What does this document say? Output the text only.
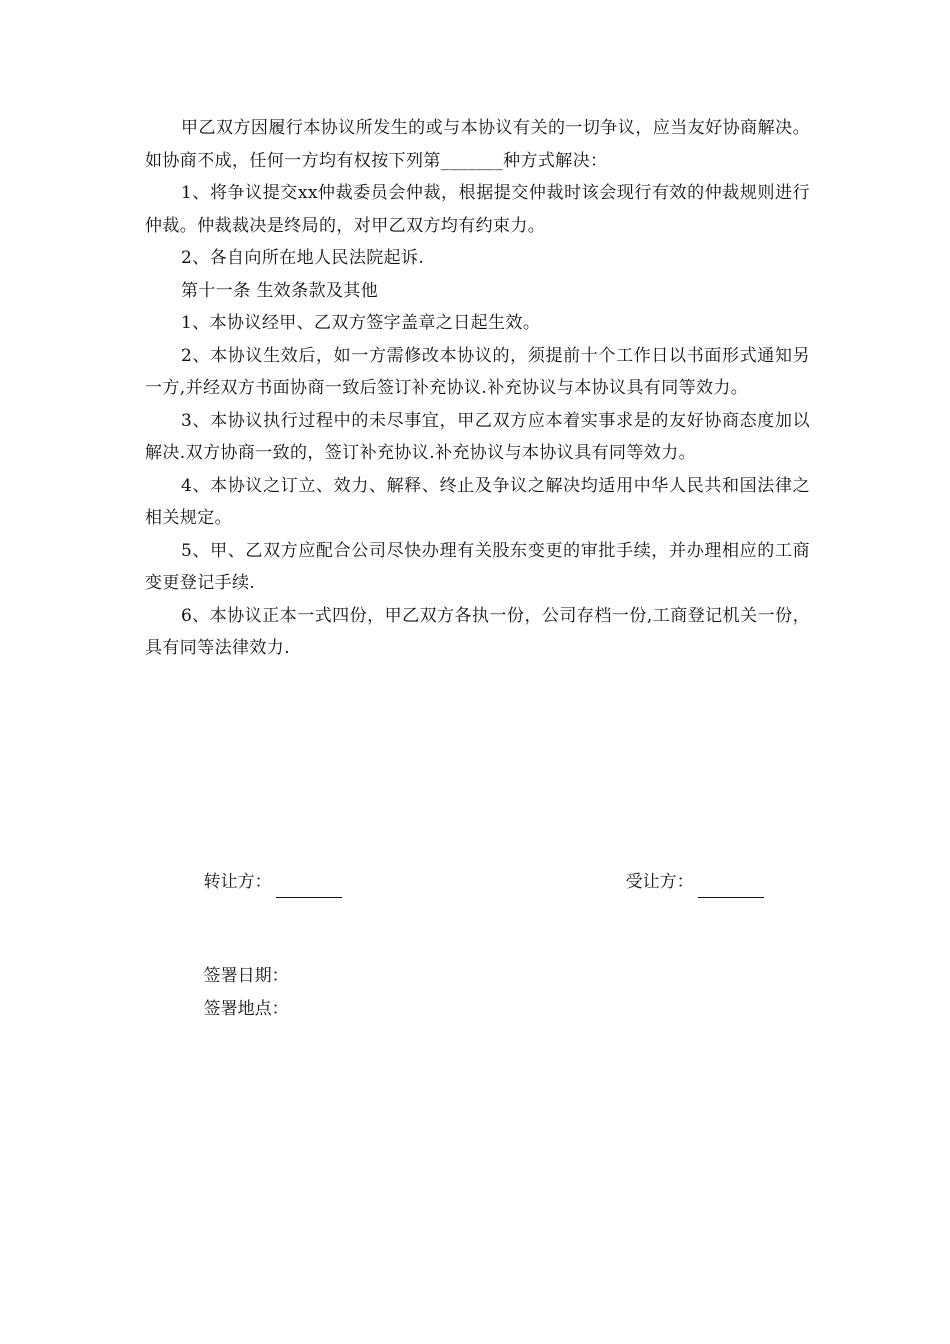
甲乙双方因履行本协议所发生的或与本协议有关的一切争议，应当友好协商解决。如协商不成，任何一方均有权按下列第_______种方式解决：

1、将争议提交xx仲裁委员会仲裁，根据提交仲裁时该会现行有效的仲裁规则进行仲裁。仲裁裁决是终局的，对甲乙双方均有约束力。

2、各自向所在地人民法院起诉.

第十一条 生效条款及其他

1、本协议经甲、乙双方签字盖章之日起生效。

2、本协议生效后，如一方需修改本协议的，须提前十个工作日以书面形式通知另一方,并经双方书面协商一致后签订补充协议.补充协议与本协议具有同等效力。

3、本协议执行过程中的未尽事宜，甲乙双方应本着实事求是的友好协商态度加以解决.双方协商一致的，签订补充协议.补充协议与本协议具有同等效力。

4、本协议之订立、效力、解释、终止及争议之解决均适用中华人民共和国法律之相关规定。

5、甲、乙双方应配合公司尽快办理有关股东变更的审批手续，并办理相应的工商变更登记手续.

6、本协议正本一式四份，甲乙双方各执一份，公司存档一份,工商登记机关一份，具有同等法律效力.

转让方：
	受让方：

签署日期：

签署地点：
